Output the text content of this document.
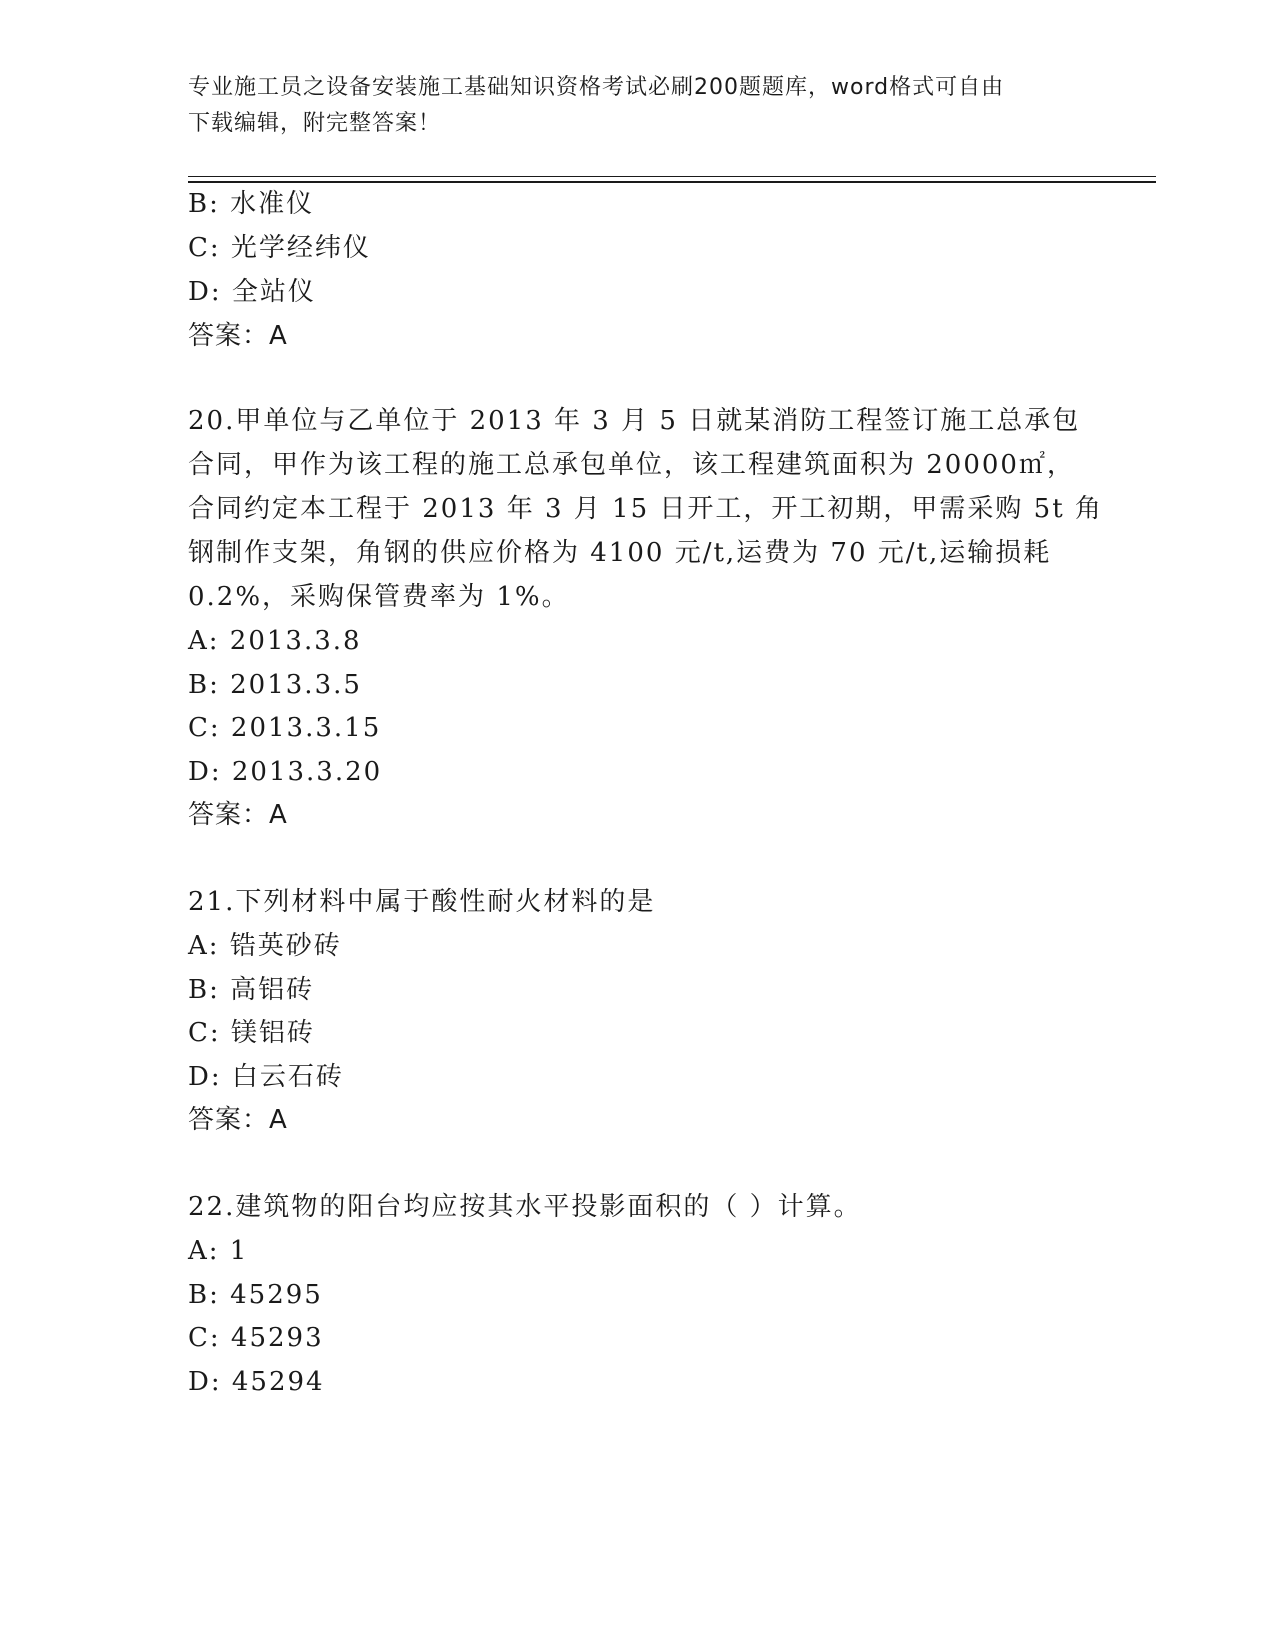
专业施工员之设备安装施工基础知识资格考试必刷200题题库，word格式可自由
下载编辑，附完整答案！
B: 水准仪
C: 光学经纬仪
D: 全站仪
答案：A
20.甲单位与乙单位于 2013 年 3 月 5 日就某消防工程签订施工总承包
合同，甲作为该工程的施工总承包单位，该工程建筑面积为 20000㎡，
合同约定本工程于 2013 年 3 月 15 日开工，开工初期，甲需采购 5t 角
钢制作支架，角钢的供应价格为 4100 元/t,运费为 70 元/t,运输损耗
0.2%，采购保管费率为 1%。
A: 2013.3.8
B: 2013.3.5
C: 2013.3.15
D: 2013.3.20
答案：A
21.下列材料中属于酸性耐火材料的是
A: 锆英砂砖
B: 高铝砖
C: 镁铝砖
D: 白云石砖
答案：A
22.建筑物的阳台均应按其水平投影面积的（ ）计算。
A: 1
B: 45295
C: 45293
D: 45294
